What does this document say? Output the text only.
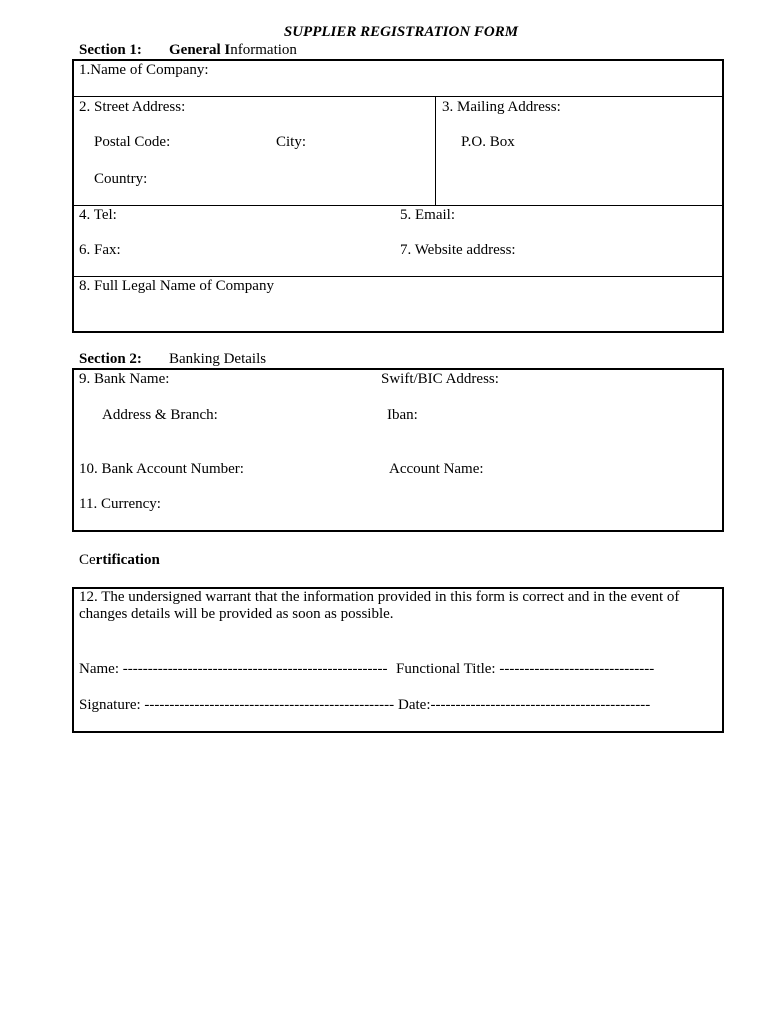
SUPPLIER REGISTRATION FORM
Section 1: General Information
1.Name of Company:
2. Street Address:
Postal Code:	City:
Country:
3. Mailing Address:
P.O. Box
4. Tel:	5. Email:
6. Fax:	7. Website address:
8. Full Legal Name of Company
Section 2: Banking Details
9. Bank Name:	Swift/BIC Address:
Address & Branch:	Iban:
10. Bank Account Number:	Account Name:
11. Currency:
Certification
12. The undersigned warrant that the information provided in this form is correct and in the event of changes details will be provided as soon as possible.
Name: ----------------------------------------------------- Functional Title: -------------------------------
Signature: -------------------------------------------------- Date:--------------------------------------------
